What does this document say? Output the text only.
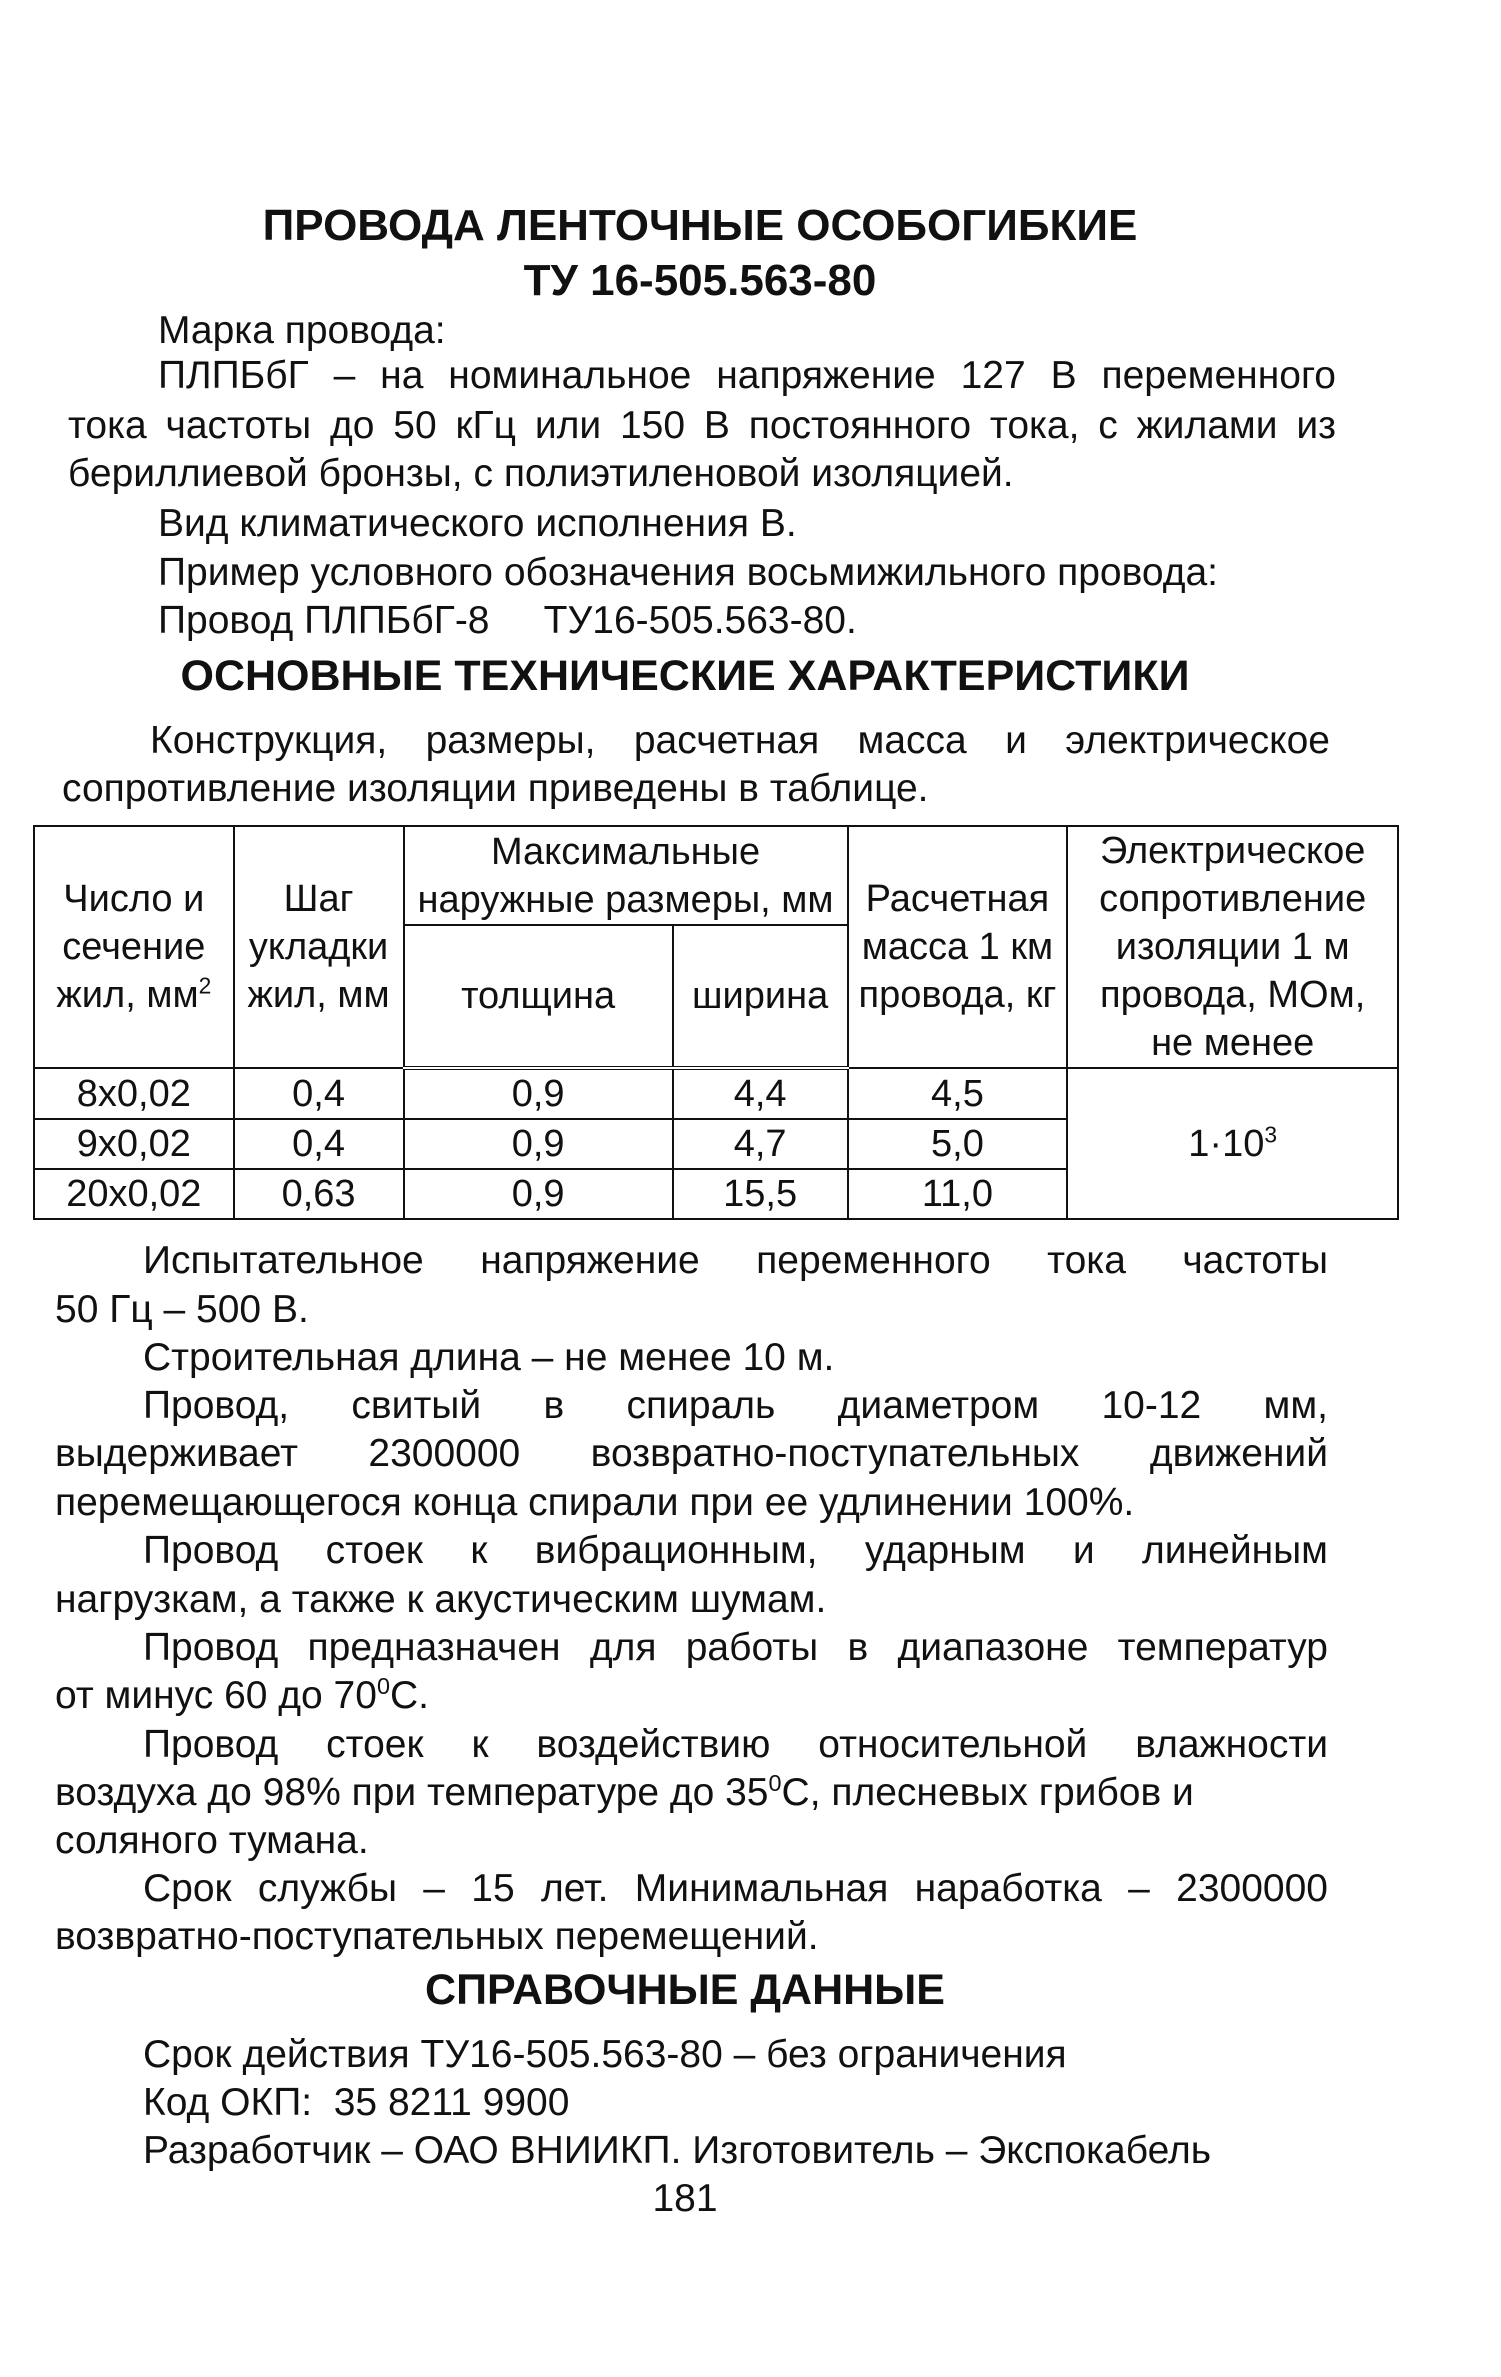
ПРОВОДА ЛЕНТОЧНЫЕ ОСОБОГИБКИЕ
ТУ 16-505.563-80
Марка провода:
ПЛПБбГ – на номинальное напряжение 127 В переменного
тока частоты до 50 кГц или 150 В постоянного тока, с жилами из
бериллиевой бронзы, с полиэтиленовой изоляцией.
Вид климатического исполнения В.
Пример условного обозначения восьмижильного провода:
Провод ПЛПБбГ-8     ТУ16-505.563-80.
ОСНОВНЫЕ ТЕХНИЧЕСКИЕ ХАРАКТЕРИСТИКИ
Конструкция, размеры, расчетная масса и электрическое
сопротивление изоляции приведены в таблице.
Число и сечение жил, $мм^2$	Шаг укладки жил, мм	Максимальные наружные размеры, мм		Расчетная масса 1 км провода, кг	Электрическое сопротивление изоляции 1 м провода, МОм, не менее
		толщина	ширина		
8х0,02	0,4	0,9	4,4	4,5	$1\cdot 10^3$
9х0,02	0,4	0,9	4,7	5,0	
20х0,02	0,63	0,9	15,5	11,0	
Испытательное напряжение переменного тока частоты
50 Гц – 500 В.
Строительная длина – не менее 10 м.
Провод, свитый в спираль диаметром 10-12 мм,
выдерживает 2300000 возвратно-поступательных движений
перемещающегося конца спирали при ее удлинении 100%.
Провод стоек к вибрационным, ударным и линейным
нагрузкам, а также к акустическим шумам.
Провод предназначен для работы в диапазоне температур
от минус 60 до $70^0С$.
Провод стоек к воздействию относительной влажности
воздуха до 98% при температуре до $35^0С$, плесневых грибов и
соляного тумана.
Срок службы – 15 лет. Минимальная наработка – 2300000
возвратно-поступательных перемещений.
СПРАВОЧНЫЕ ДАННЫЕ
Срок действия ТУ16-505.563-80 – без ограничения
Код ОКП:  35 8211 9900
Разработчик – ОАО ВНИИКП. Изготовитель – Экспокабель
181
